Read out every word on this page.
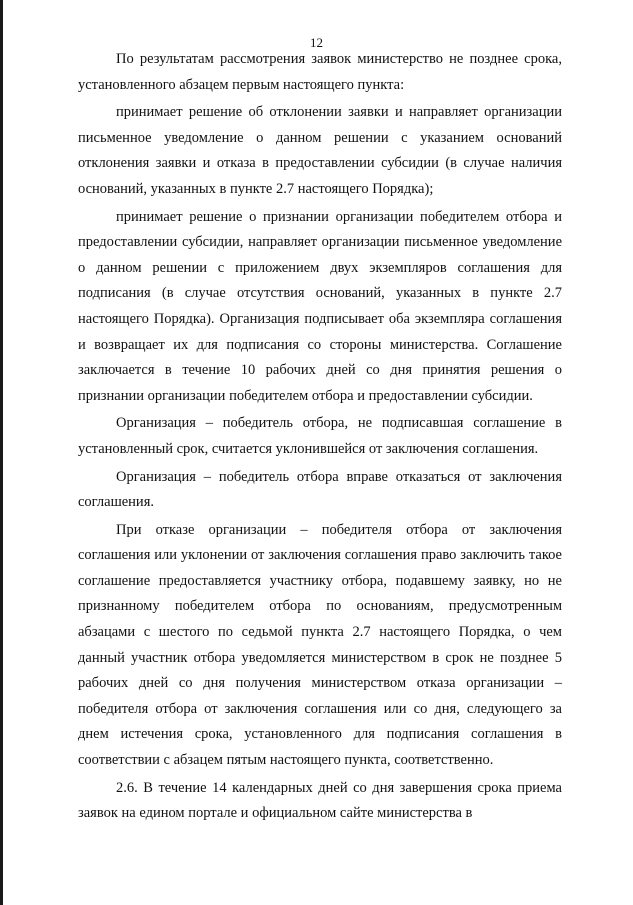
12

По результатам рассмотрения заявок министерство не позднее срока, установленного абзацем первым настоящего пункта:

принимает решение об отклонении заявки и направляет организации письменное уведомление о данном решении с указанием оснований отклонения заявки и отказа в предоставлении субсидии (в случае наличия оснований, указанных в пункте 2.7 настоящего Порядка);

принимает решение о признании организации победителем отбора и предоставлении субсидии, направляет организации письменное уведомление о данном решении с приложением двух экземпляров соглашения для подписания (в случае отсутствия оснований, указанных в пункте 2.7 настоящего Порядка). Организация подписывает оба экземпляра соглашения и возвращает их для подписания со стороны министерства. Соглашение заключается в течение 10 рабочих дней со дня принятия решения о признании организации победителем отбора и предоставлении субсидии.

Организация – победитель отбора, не подписавшая соглашение в установленный срок, считается уклонившейся от заключения соглашения.

Организация – победитель отбора вправе отказаться от заключения соглашения.

При отказе организации – победителя отбора от заключения соглашения или уклонении от заключения соглашения право заключить такое соглашение предоставляется участнику отбора, подавшему заявку, но не признанному победителем отбора по основаниям, предусмотренным абзацами с шестого по седьмой пункта 2.7 настоящего Порядка, о чем данный участник отбора уведомляется министерством в срок не позднее 5 рабочих дней со дня получения министерством отказа организации – победителя отбора от заключения соглашения или со дня, следующего за днем истечения срока, установленного для подписания соглашения в соответствии с абзацем пятым настоящего пункта, соответственно.

2.6. В течение 14 календарных дней со дня завершения срока приема заявок на едином портале и официальном сайте министерства в
